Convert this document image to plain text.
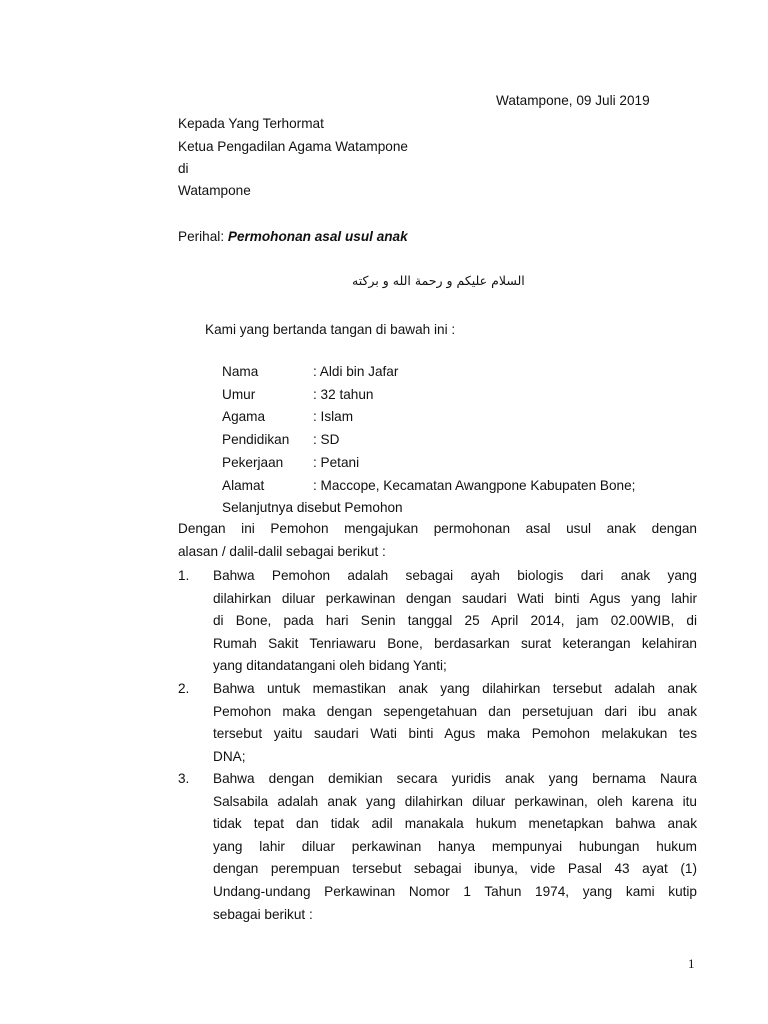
Watampone, 09 Juli 2019
Kepada Yang Terhormat
Ketua Pengadilan Agama Watampone
di
Watampone
Perihal: Permohonan asal usul anak
السلام عليكم و رحمة الله و بركته
Kami yang bertanda tangan di bawah ini :
Nama	: Aldi bin Jafar
Umur	: 32 tahun
Agama	: Islam
Pendidikan : SD
Pekerjaan : Petani
Alamat	: Maccope, Kecamatan Awangpone Kabupaten Bone;
Selanjutnya disebut Pemohon
Dengan ini Pemohon mengajukan permohonan asal usul anak dengan
alasan / dalil-dalil sebagai berikut :
1. Bahwa Pemohon adalah sebagai ayah biologis dari anak yang
dilahirkan diluar perkawinan dengan saudari Wati binti Agus yang lahir
di Bone, pada hari Senin tanggal 25 April 2014, jam 02.00WIB, di
Rumah Sakit Tenriawaru Bone, berdasarkan surat keterangan kelahiran
yang ditandatangani oleh bidang Yanti;
2. Bahwa untuk memastikan anak yang dilahirkan tersebut adalah anak
Pemohon maka dengan sepengetahuan dan persetujuan dari ibu anak
tersebut yaitu saudari Wati binti Agus maka Pemohon melakukan tes
DNA;
3. Bahwa dengan demikian secara yuridis anak yang bernama Naura
Salsabila adalah anak yang dilahirkan diluar perkawinan, oleh karena itu
tidak tepat dan tidak adil manakala hukum menetapkan bahwa anak
yang lahir diluar perkawinan hanya mempunyai hubungan hukum
dengan perempuan tersebut sebagai ibunya, vide Pasal 43 ayat (1)
Undang-undang Perkawinan Nomor 1 Tahun 1974, yang kami kutip
sebagai berikut :
1
